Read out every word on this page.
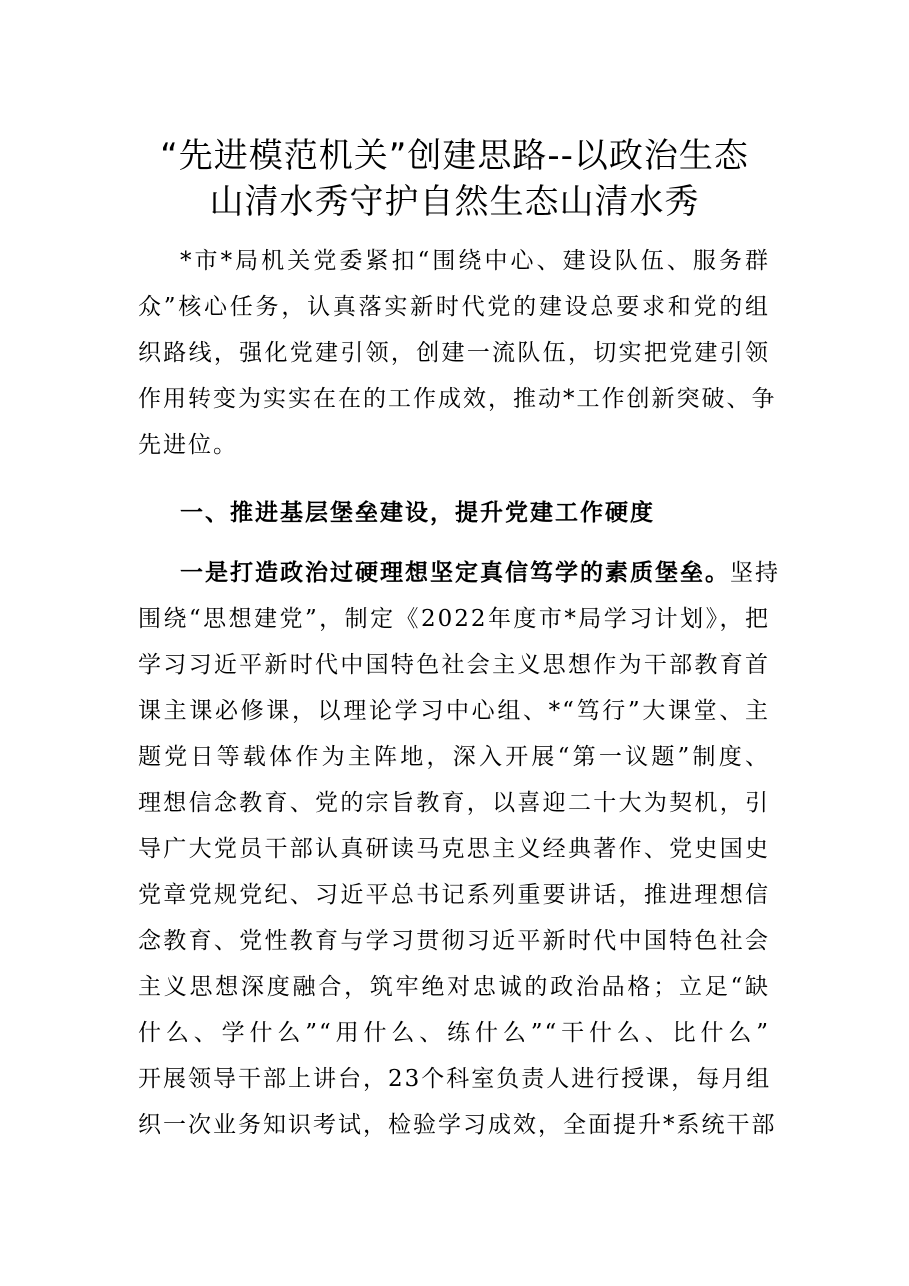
“先进模范机关”创建思路--以政治生态
山清水秀守护自然生态山清水秀
*市*局机关党委紧扣“围绕中心、建设队伍、服务群
众”核心任务，认真落实新时代党的建设总要求和党的组
织路线，强化党建引领，创建一流队伍，切实把党建引领
作用转变为实实在在的工作成效，推动*工作创新突破、争
先进位。
一、推进基层堡垒建设，提升党建工作硬度
一是打造政治过硬理想坚定真信笃学的素质堡垒。坚持
围绕“思想建党”，制定《2022年度市*局学习计划》，把
学习习近平新时代中国特色社会主义思想作为干部教育首
课主课必修课，以理论学习中心组、*“笃行”大课堂、主
题党日等载体作为主阵地，深入开展“第一议题”制度、
理想信念教育、党的宗旨教育，以喜迎二十大为契机，引
导广大党员干部认真研读马克思主义经典著作、党史国史
党章党规党纪、习近平总书记系列重要讲话，推进理想信
念教育、党性教育与学习贯彻习近平新时代中国特色社会
主义思想深度融合，筑牢绝对忠诚的政治品格；立足“缺
什么、学什么”“用什么、练什么”“干什么、比什么”
开展领导干部上讲台，23个科室负责人进行授课，每月组
织一次业务知识考试，检验学习成效，全面提升*系统干部
